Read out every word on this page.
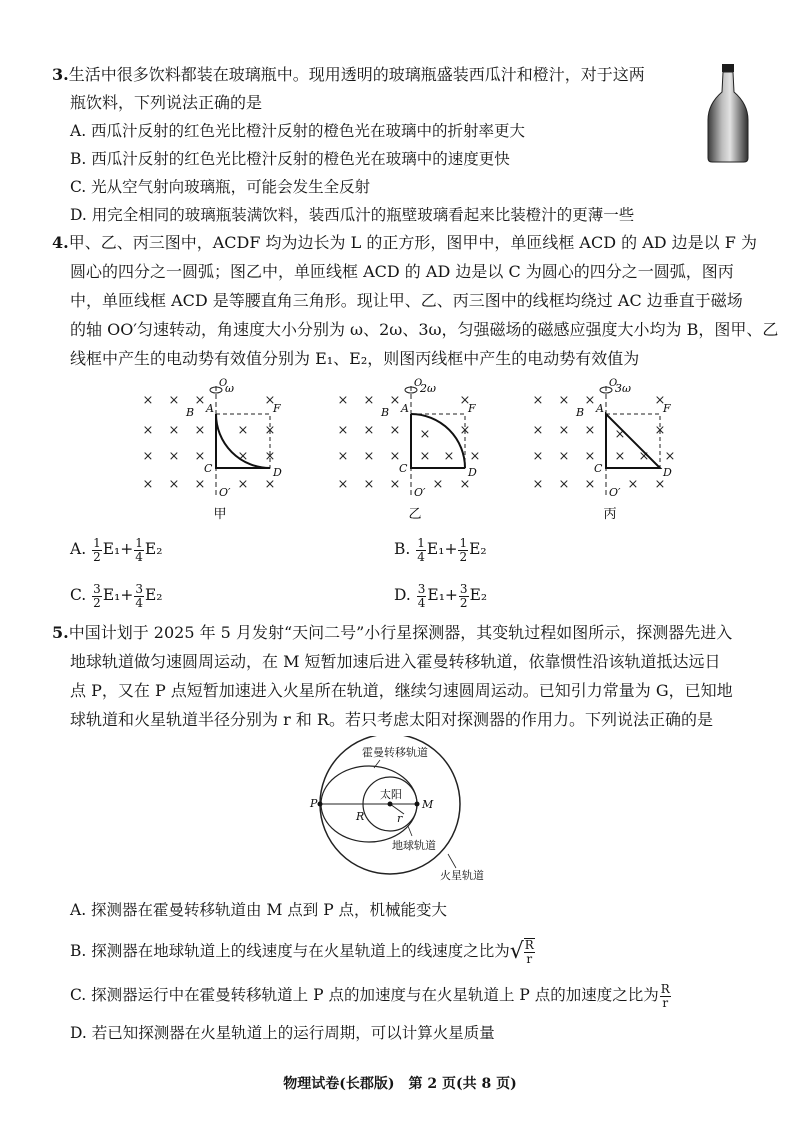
3.生活中很多饮料都装在玻璃瓶中。现用透明的玻璃瓶盛装西瓜汁和橙汁，对于这两
瓶饮料，下列说法正确的是
A. 西瓜汁反射的红色光比橙汁反射的橙色光在玻璃中的折射率更大
B. 西瓜汁反射的红色光比橙汁反射的橙色光在玻璃中的速度更快
C. 光从空气射向玻璃瓶，可能会发生全反射
D. 用完全相同的玻璃瓶装满饮料，装西瓜汁的瓶壁玻璃看起来比装橙汁的更薄一些
4.甲、乙、丙三图中，ACDF 均为边长为 L 的正方形，图甲中，单匝线框 ACD 的 AD 边是以 F 为
圆心的四分之一圆弧；图乙中，单匝线框 ACD 的 AD 边是以 C 为圆心的四分之一圆弧，图丙
中，单匝线框 ACD 是等腰直角三角形。现让甲、乙、丙三图中的线框均绕过 AC 边垂直于磁场
的轴 OO′匀速转动，角速度大小分别为 ω、2ω、3ω，匀强磁场的磁感应强度大小均为 B，图甲、乙
线框中产生的电动势有效值分别为 E₁、E₂，则图丙线框中产生的电动势有效值为
× × ×	×
× × × × ×
× × × × ×
× × × × ×
O
ω
B A	F
C	D
O′
甲
× × ×	×
× × × × ×
× × × × × ×
× × × × ×
O
2ω
B A	F
C	D
O′
乙
× × ×	×
× × × × ×
× × × × × ×
× × × × ×
O
3ω
B A	F
C	D
O′
丙
A. $\frac{1}{2} E_1+ \frac{1}{4} E_2$	B. $\frac{1}{4} E_1+ \frac{1}{2} E_2$
C. $\frac{3}{2} E_1+ \frac{3}{4} E_2$	D. $\frac{3}{4} E_1+ \frac{3}{2} E_2$
5.中国计划于 2025 年 5 月发射“天问二号”小行星探测器，其变轨过程如图所示，探测器先进入
地球轨道做匀速圆周运动，在 M 短暂加速后进入霍曼转移轨道，依靠惯性沿该轨道抵达远日
点 P，又在 P 点短暂加速进入火星所在轨道，继续匀速圆周运动。已知引力常量为 G，已知地
球轨道和火星轨道半径分别为 r 和 R。若只考虑太阳对探测器的作用力。下列说法正确的是
霍曼转移轨道
太阳
P	M
R	r
地球轨道
火星轨道
A. 探测器在霍曼转移轨道由 M 点到 P 点，机械能变大
B. 探测器在地球轨道上的线速度与在火星轨道上的线速度之比为√ $\frac{R}{r}$
C. 探测器运行中在霍曼转移轨道上 P 点的加速度与在火星轨道上 P 点的加速度之比为 $\frac{R}{r}$
D. 若已知探测器在火星轨道上的运行周期，可以计算火星质量
物理试卷(长郡版)　第 2 页(共 8 页)
